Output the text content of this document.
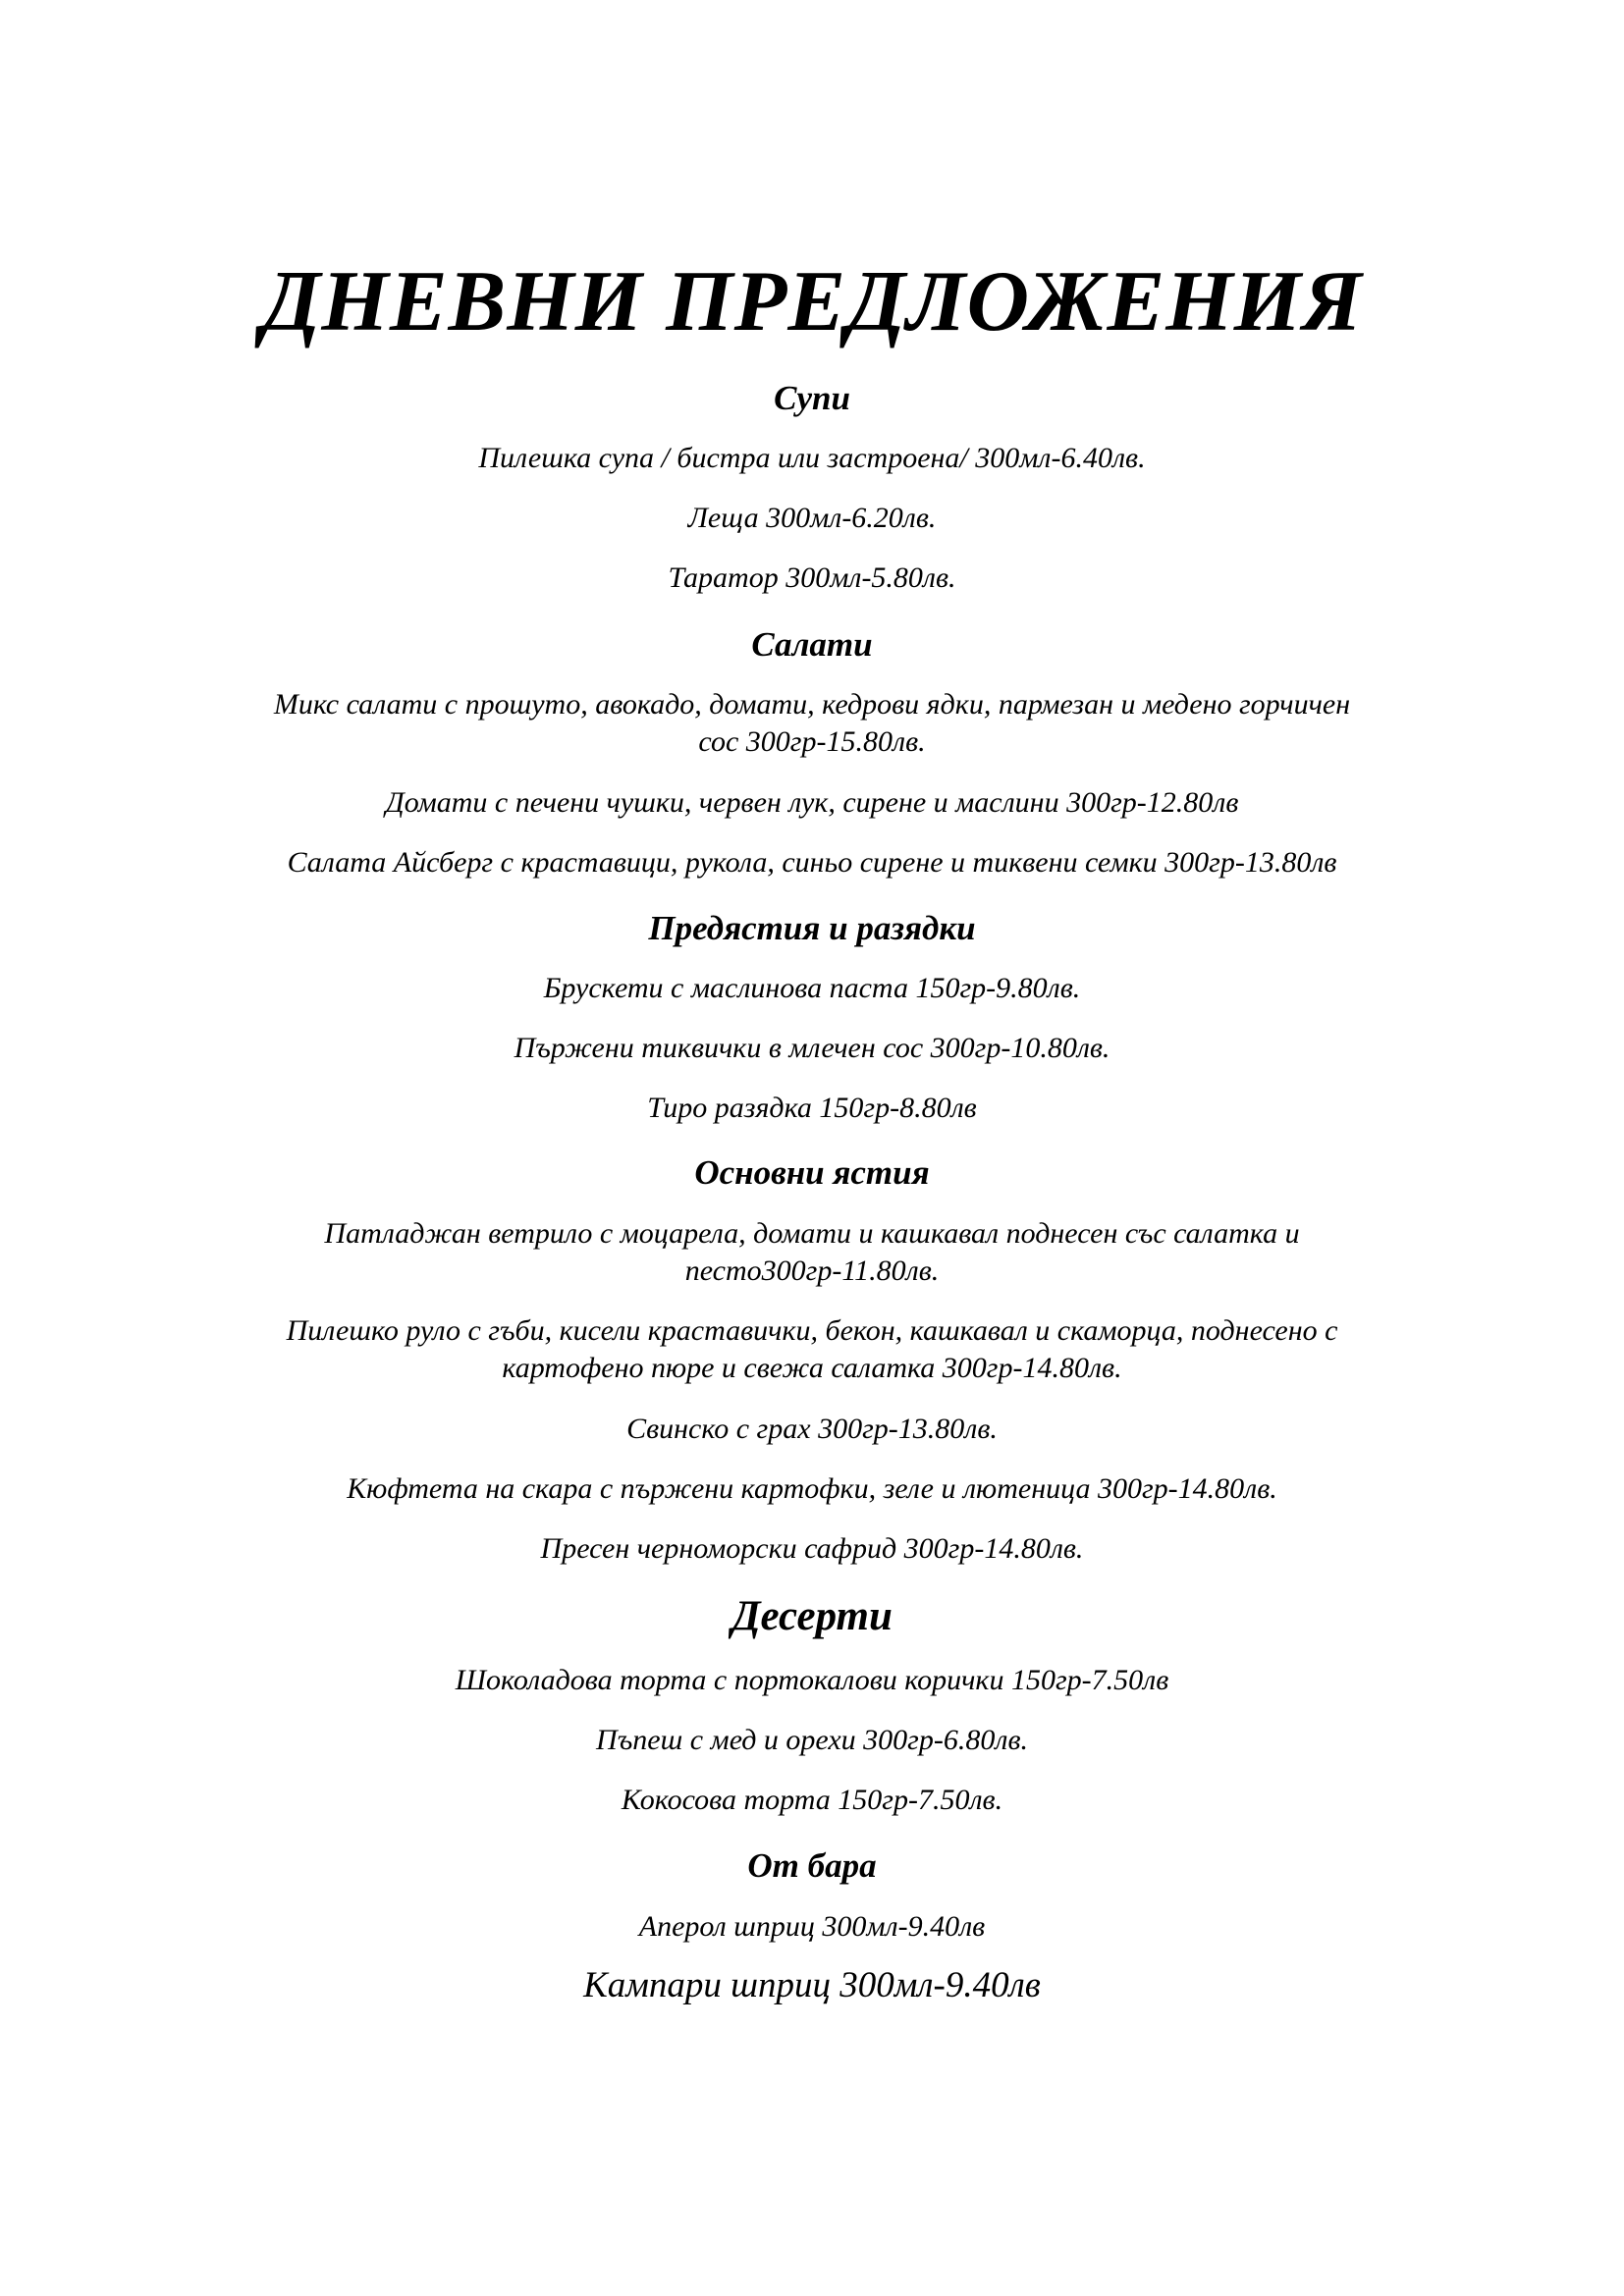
ДНЕВНИ ПРЕДЛОЖЕНИЯ
Супи
Пилешка супа / бистра или застроена/ 300мл-6.40лв.
Леща 300мл-6.20лв.
Таратор 300мл-5.80лв.
Салати
Микс салати с прошуто, авокадо, домати, кедрови ядки, пармезан и медено горчичен
сос 300гр-15.80лв.
Домати с печени чушки, червен лук, сирене и маслини 300гр-12.80лв
Салата Айсберг с краставици, рукола, синьо сирене и тиквени семки 300гр-13.80лв
Предястия и разядки
Брускети с маслинова паста 150гр-9.80лв.
Пържени тиквички в млечен сос 300гр-10.80лв.
Тиро разядка 150гр-8.80лв
Основни ястия
Патладжан ветрило с моцарела, домати и кашкавал поднесен със салатка и
песто300гр-11.80лв.
Пилешко руло с гъби, кисели краставички, бекон, кашкавал и скаморца, поднесено с
картофено пюре и свежа салатка 300гр-14.80лв.
Свинско с грах 300гр-13.80лв.
Кюфтета на скара с пържени картофки, зеле и лютеница 300гр-14.80лв.
Пресен черноморски сафрид 300гр-14.80лв.
Десерти
Шоколадова торта с портокалови корички 150гр-7.50лв
Пъпеш с мед и орехи 300гр-6.80лв.
Кокосова торта 150гр-7.50лв.
От бара
Аперол шприц 300мл-9.40лв
Кампари шприц 300мл-9.40лв
